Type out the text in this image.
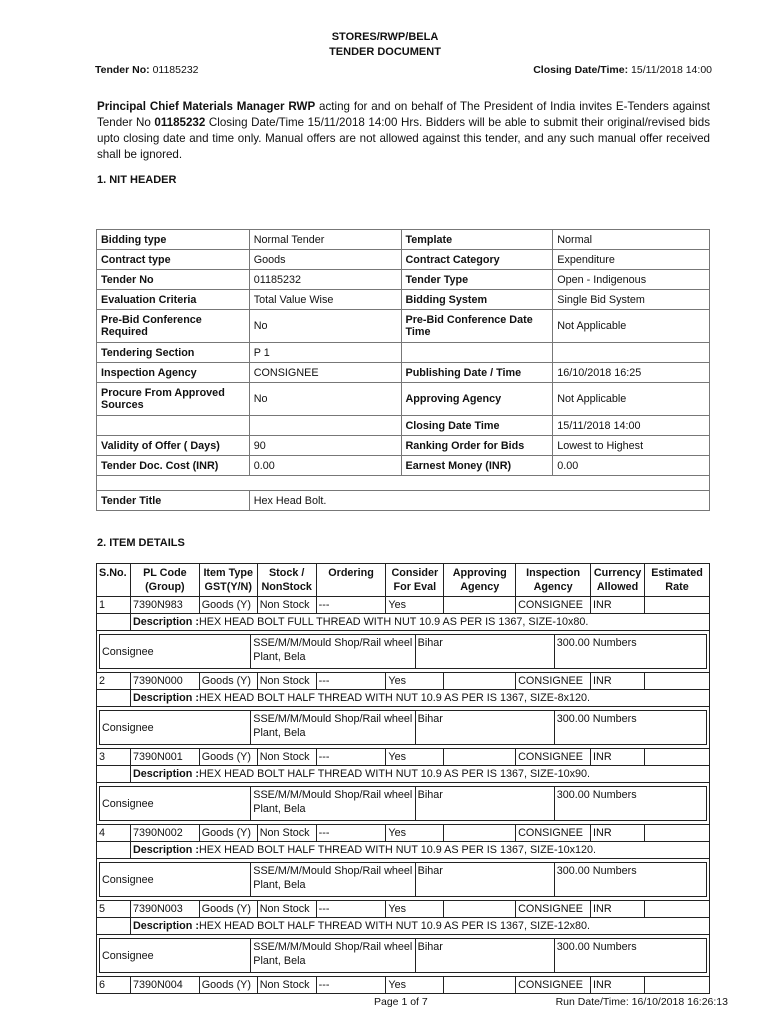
STORES/RWP/BELA
TENDER DOCUMENT
Tender No: 01185232	Closing Date/Time: 15/11/2018 14:00
Principal Chief Materials Manager RWP acting for and on behalf of The President of India invites E-Tenders against Tender No 01185232 Closing Date/Time 15/11/2018 14:00 Hrs. Bidders will be able to submit their original/revised bids upto closing date and time only. Manual offers are not allowed against this tender, and any such manual offer received shall be ignored.
1. NIT HEADER
Bidding type	Normal Tender	Template	Normal
Contract type	Goods	Contract Category	Expenditure
Tender No	01185232	Tender Type	Open - Indigenous
Evaluation Criteria	Total Value Wise	Bidding System	Single Bid System
Pre-Bid Conference Required	No	Pre-Bid Conference Date Time	Not Applicable
Tendering Section	P 1		
Inspection Agency	CONSIGNEE	Publishing Date / Time	16/10/2018 16:25
Procure From Approved Sources	No	Approving Agency	Not Applicable
		Closing Date Time	15/11/2018 14:00
Validity of Offer ( Days)	90	Ranking Order for Bids	Lowest to Highest
Tender Doc. Cost (INR)	0.00	Earnest Money (INR)	0.00

Tender Title	Hex Head Bolt.		
2. ITEM DETAILS
S.No.	PL Code (Group)	Item Type GST(Y/N)	Stock / NonStock	Ordering	Consider For Eval	Approving Agency	Inspection Agency	Currency Allowed	Estimated Rate
1	7390N983	Goods (Y)	Non Stock	---	Yes		CONSIGNEE	INR	
	Description :HEX HEAD BOLT FULL THREAD WITH NUT 10.9 AS PER IS 1367, SIZE-10x80.

Consignee	SSE/M/M/Mould Shop/Rail wheel Plant, Bela	Bihar	300.00 Numbers

2	7390N000	Goods (Y)	Non Stock	---	Yes		CONSIGNEE	INR	
	Description :HEX HEAD BOLT HALF THREAD WITH NUT 10.9 AS PER IS 1367, SIZE-8x120.

Consignee	SSE/M/M/Mould Shop/Rail wheel Plant, Bela	Bihar	300.00 Numbers

3	7390N001	Goods (Y)	Non Stock	---	Yes		CONSIGNEE	INR	
	Description :HEX HEAD BOLT HALF THREAD WITH NUT 10.9 AS PER IS 1367, SIZE-10x90.

Consignee	SSE/M/M/Mould Shop/Rail wheel Plant, Bela	Bihar	300.00 Numbers

4	7390N002	Goods (Y)	Non Stock	---	Yes		CONSIGNEE	INR	
	Description :HEX HEAD BOLT HALF THREAD WITH NUT 10.9 AS PER IS 1367, SIZE-10x120.

Consignee	SSE/M/M/Mould Shop/Rail wheel Plant, Bela	Bihar	300.00 Numbers

5	7390N003	Goods (Y)	Non Stock	---	Yes		CONSIGNEE	INR	
	Description :HEX HEAD BOLT HALF THREAD WITH NUT 10.9 AS PER IS 1367, SIZE-12x80.

Consignee	SSE/M/M/Mould Shop/Rail wheel Plant, Bela	Bihar	300.00 Numbers

6	7390N004	Goods (Y)	Non Stock	---	Yes		CONSIGNEE	INR	
Page 1 of 7	Run Date/Time: 16/10/2018 16:26:13
